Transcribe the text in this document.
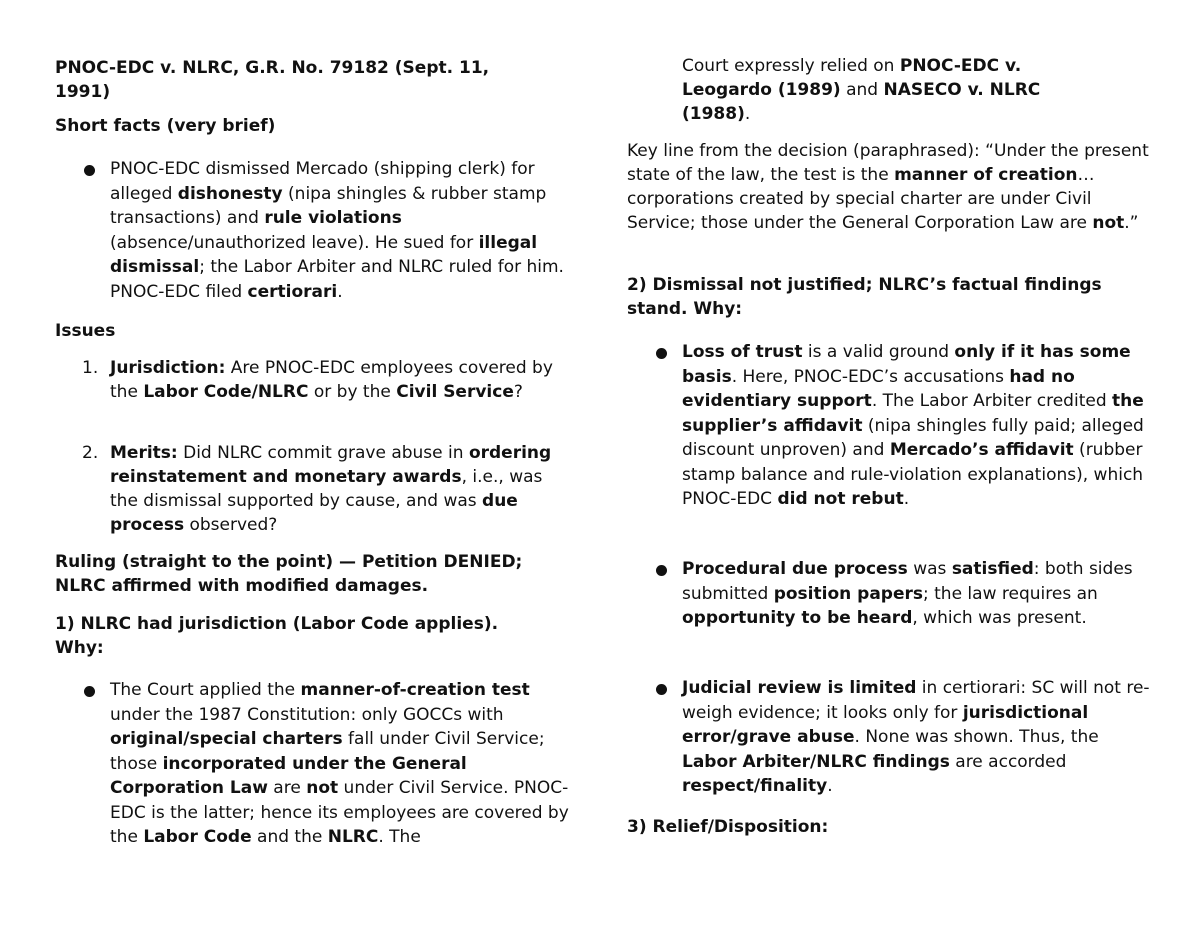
PNOC-EDC v. NLRC, G.R. No. 79182 (Sept. 11, 1991)

Short facts (very brief)

PNOC-EDC dismissed Mercado (shipping clerk) for alleged dishonesty (nipa shingles & rubber stamp transactions) and rule violations (absence/unauthorized leave). He sued for illegal dismissal; the Labor Arbiter and NLRC ruled for him. PNOC-EDC filed certiorari.

Issues

1. Jurisdiction: Are PNOC-EDC employees covered by the Labor Code/NLRC or by the Civil Service?
2. Merits: Did NLRC commit grave abuse in ordering reinstatement and monetary awards, i.e., was the dismissal supported by cause, and was due process observed?

Ruling (straight to the point) — Petition DENIED; NLRC affirmed with modified damages.

1) NLRC had jurisdiction (Labor Code applies). Why:

The Court applied the manner-of-creation test under the 1987 Constitution: only GOCCs with original/special charters fall under Civil Service; those incorporated under the General Corporation Law are not under Civil Service. PNOC-EDC is the latter; hence its employees are covered by the Labor Code and the NLRC. The

Court expressly relied on PNOC-EDC v. Leogardo (1989) and NASECO v. NLRC (1988).

Key line from the decision (paraphrased): “Under the present state of the law, the test is the manner of creation… corporations created by special charter are under Civil Service; those under the General Corporation Law are not.”

2) Dismissal not justified; NLRC’s factual findings stand. Why:

Loss of trust is a valid ground only if it has some basis. Here, PNOC-EDC’s accusations had no evidentiary support. The Labor Arbiter credited the supplier’s affidavit (nipa shingles fully paid; alleged discount unproven) and Mercado’s affidavit (rubber stamp balance and rule-violation explanations), which PNOC-EDC did not rebut.
Procedural due process was satisfied: both sides submitted position papers; the law requires an opportunity to be heard, which was present.
Judicial review is limited in certiorari: SC will not re-weigh evidence; it looks only for jurisdictional error/grave abuse. None was shown. Thus, the Labor Arbiter/NLRC findings are accorded respect/finality.

3) Relief/Disposition:
